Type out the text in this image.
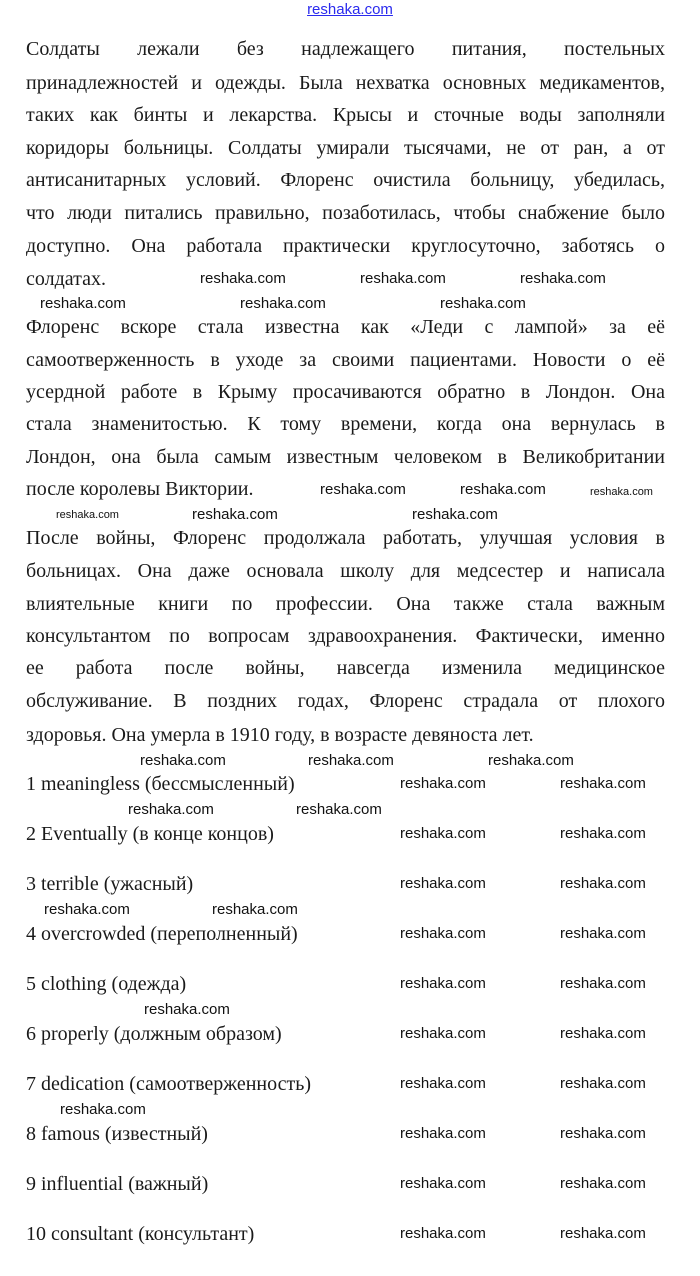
reshaka.com
Солдаты лежали без надлежащего питания, постельных
принадлежностей и одежды. Была нехватка основных медикаментов,
таких как бинты и лекарства. Крысы и сточные воды заполняли
коридоры больницы. Солдаты умирали тысячами, не от ран, а от
антисанитарных условий. Флоренс очистила больницу, убедилась,
что люди питались правильно, позаботилась, чтобы снабжение было
доступно. Она работала практически круглосуточно, заботясь о
солдатах.
Флоренс вскоре стала известна как «Леди с лампой» за её
самоотверженность в уходе за своими пациентами. Новости о её
усердной работе в Крыму просачиваются обратно в Лондон. Она
стала знаменитостью. К тому времени, когда она вернулась в
Лондон, она была самым известным человеком в Великобритании
после королевы Виктории.
После войны, Флоренс продолжала работать, улучшая условия в
больницах. Она даже основала школу для медсестер и написала
влиятельные книги по профессии. Она также стала важным
консультантом по вопросам здравоохранения. Фактически, именно
ее работа после войны, навсегда изменила медицинское
обслуживание. В поздних годах, Флоренс страдала от плохого
здоровья. Она умерла в 1910 году, в возрасте девяноста лет.
1 meaningless (бессмысленный)
2 Eventually (в конце концов)
3 terrible (ужасный)
4 overcrowded (переполненный)
5 clothing (одежда)
6 properly (должным образом)
7 dedication (самоотверженность)
8 famous (известный)
9 influential (важный)
10 consultant (консультант)
reshaka.com	reshaka.com	reshaka.com
reshaka.com	reshaka.com	reshaka.com
reshaka.com	reshaka.com	reshaka.com
reshaka.com	reshaka.com	reshaka.com
reshaka.com	reshaka.com	reshaka.com
reshaka.com	reshaka.com
reshaka.com	reshaka.com
reshaka.com
reshaka.com
reshaka.com	reshaka.com
reshaka.com	reshaka.com
reshaka.com	reshaka.com
reshaka.com	reshaka.com
reshaka.com	reshaka.com
reshaka.com	reshaka.com
reshaka.com	reshaka.com
reshaka.com	reshaka.com
reshaka.com	reshaka.com
reshaka.com	reshaka.com
